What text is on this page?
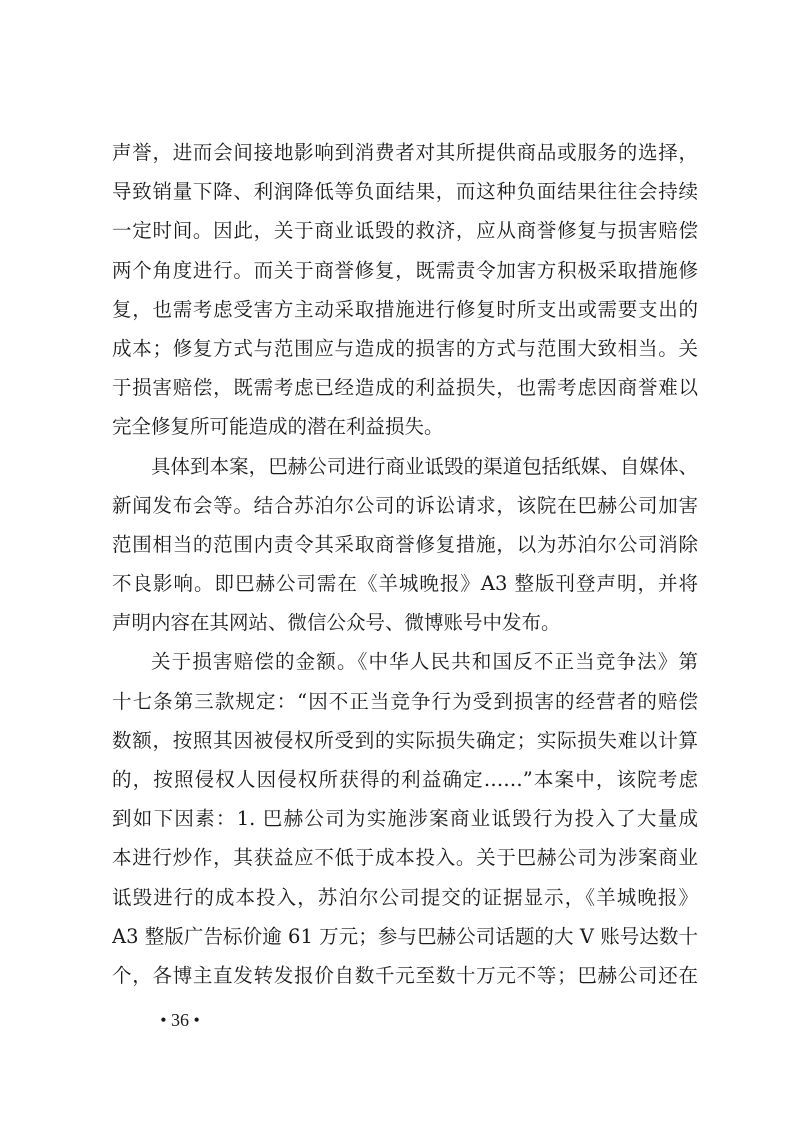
声誉，进而会间接地影响到消费者对其所提供商品或服务的选择，
导致销量下降、利润降低等负面结果，而这种负面结果往往会持续
一定时间。因此，关于商业诋毁的救济，应从商誉修复与损害赔偿
两个角度进行。而关于商誉修复，既需责令加害方积极采取措施修
复，也需考虑受害方主动采取措施进行修复时所支出或需要支出的
成本；修复方式与范围应与造成的损害的方式与范围大致相当。关
于损害赔偿，既需考虑已经造成的利益损失，也需考虑因商誉难以
完全修复所可能造成的潜在利益损失。
具体到本案，巴赫公司进行商业诋毁的渠道包括纸媒、自媒体、
新闻发布会等。结合苏泊尔公司的诉讼请求，该院在巴赫公司加害
范围相当的范围内责令其采取商誉修复措施，以为苏泊尔公司消除
不良影响。即巴赫公司需在《羊城晚报》A3 整版刊登声明，并将
声明内容在其网站、微信公众号、微博账号中发布。
关于损害赔偿的金额。《中华人民共和国反不正当竞争法》第
十七条第三款规定：“因不正当竞争行为受到损害的经营者的赔偿
数额，按照其因被侵权所受到的实际损失确定；实际损失难以计算
的，按照侵权人因侵权所获得的利益确定……”本案中，该院考虑
到如下因素：1. 巴赫公司为实施涉案商业诋毁行为投入了大量成
本进行炒作，其获益应不低于成本投入。关于巴赫公司为涉案商业
诋毁进行的成本投入，苏泊尔公司提交的证据显示，《羊城晚报》
A3 整版广告标价逾 61 万元；参与巴赫公司话题的大 V 账号达数十
个，各博主直发转发报价自数千元至数十万元不等；巴赫公司还在
• 36 •
